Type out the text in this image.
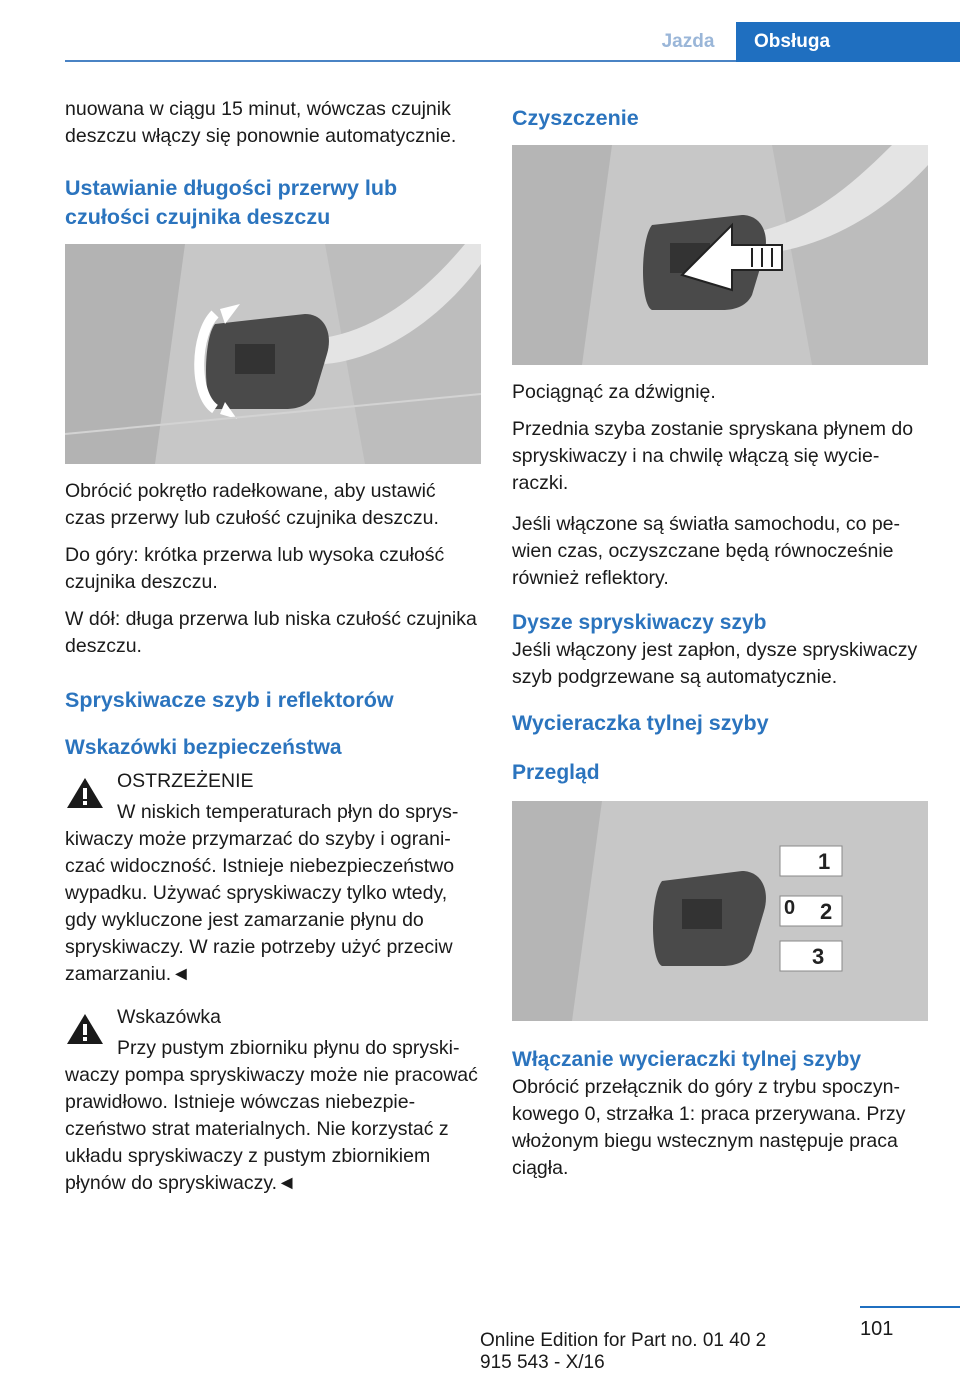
Jazda	Obsługa

nuowana w ciągu 15 minut, wówczas czujnik deszczu włączy się ponownie automatycznie.

Ustawianie długości przerwy lub czułości czujnika deszczu

Obrócić pokrętło radełkowane, aby ustawić czas przerwy lub czułość czujnika deszczu.

Do góry: krótka przerwa lub wysoka czułość czujnika deszczu.

W dół: długa przerwa lub niska czułość czujnika deszczu.

Spryskiwacze szyb i reflektorów
Wskazówki bezpieczeństwa

OSTRZEŻENIE

W niskich temperaturach płyn do sprys-

kiwaczy może przymarzać do szyby i ograniczać widoczność. Istnieje niebezpieczeństwo wypadku. Używać spryskiwaczy tylko wtedy, gdy wykluczone jest zamarzanie płynu do spryskiwaczy. W razie potrzeby użyć przeciw zamarzaniu.◄

Wskazówka

Przy pustym zbiorniku płynu do spryski-

waczy pompa spryskiwaczy może nie pracować prawidłowo. Istnieje wówczas niebezpieczeństwo strat materialnych. Nie korzystać z układu spryskiwaczy z pustym zbiornikiem płynów do spryskiwaczy.◄

Czyszczenie

Pociągnąć za dźwignię.

Przednia szyba zostanie spryskana płynem do spryskiwaczy i na chwilę włączą się wycieraczki.

Jeśli włączone są światła samochodu, co pewien czas, oczyszczane będą równocześnie również reflektory.

Dysze spryskiwaczy szyb

Jeśli włączony jest zapłon, dysze spryskiwaczy szyb podgrzewane są automatycznie.

Wycieraczka tylnej szyby
Przegląd
1
0 2
3
Włączanie wycieraczki tylnej szyby

Obrócić przełącznik do góry z trybu spoczynkowego 0, strzałka 1: praca przerywana. Przy włożonym biegu wstecznym następuje praca ciągła.

101
Online Edition for Part no. 01 40 2 915 543 - X/16
